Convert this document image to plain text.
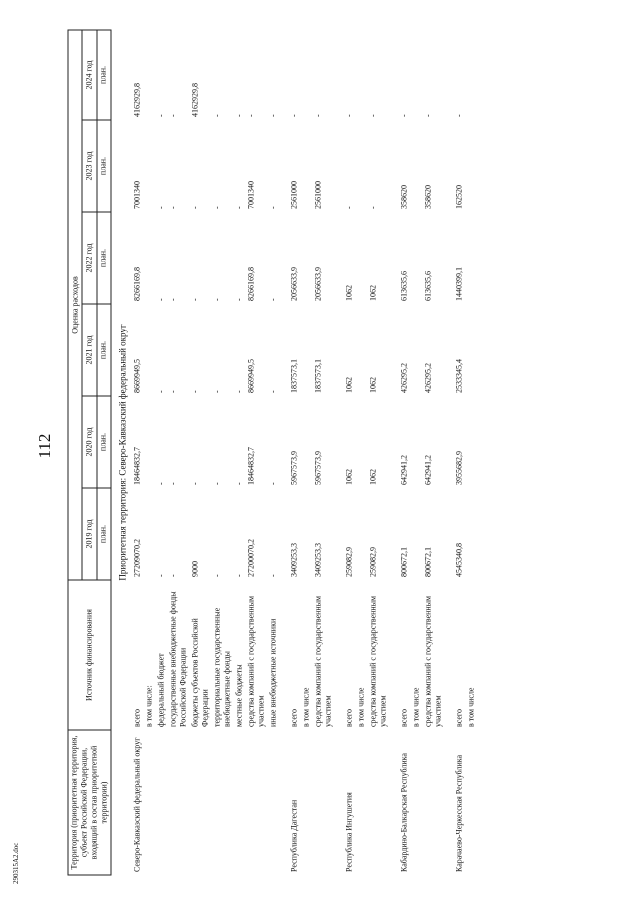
112
290315A2.doc	Территория (приоритетная территория, субъект Российской Федерации, входящий в состав приоритетной территории)	Источник финансирования	Оценка расходов					
		2019 год	2020 год	2021 год	2022 год	2023 год	2024 год
		план.	план.	план.	план.	план.	план.
Приоритетная территория: Северо-Кавказский федеральный округ							
Северо-Кавказский федеральный округ	всего	27209070,2	18464832,7	8669949,5	8266169,8	7001340	4162929,8
	в том числе:						
	федеральный бюджет	-	-	-	-	-	-
	государственные внебюджетные фонды Российской Федерации	-	-	-	-	-	-
	бюджеты субъектов Российской Федерации	9000	-	-	-	-	4162929,8
	территориальные государственные внебюджетные фонды	-	-	-	-	-	-
	местные бюджеты	-	-	-	-	-	-
	средства компаний с государственным участием	27200070,2	18464832,7	8669949,5	8266169,8	7001340	-
	иные внебюджетные источники	-	-	-	-	-	-

Республика Дагестан	всего	3409253,3	5967573,9	1837573,1	2056633,9	2561000	-
	в том числе						
	средства компаний с государственным участием	3409253,3	5967573,9	1837573,1	2056633,9	2561000	-

Республика Ингушетия	всего	259082,9	1062	1062	1062	-	-
	в том числе						
	средства компаний с государственным участием	259082,9	1062	1062	1062	-	-

Кабардино-Балкарская Республика	всего	800672,1	642941,2	426295,2	613635,6	358620	-
	в том числе						
	средства компаний с государственным участием	800672,1	642941,2	426295,2	613635,6	358620	-

Карачаево-Черкесская Республика	всего	4545340,8	3955682,9	2533345,4	1440399,1	162520	-
	в том числе						
